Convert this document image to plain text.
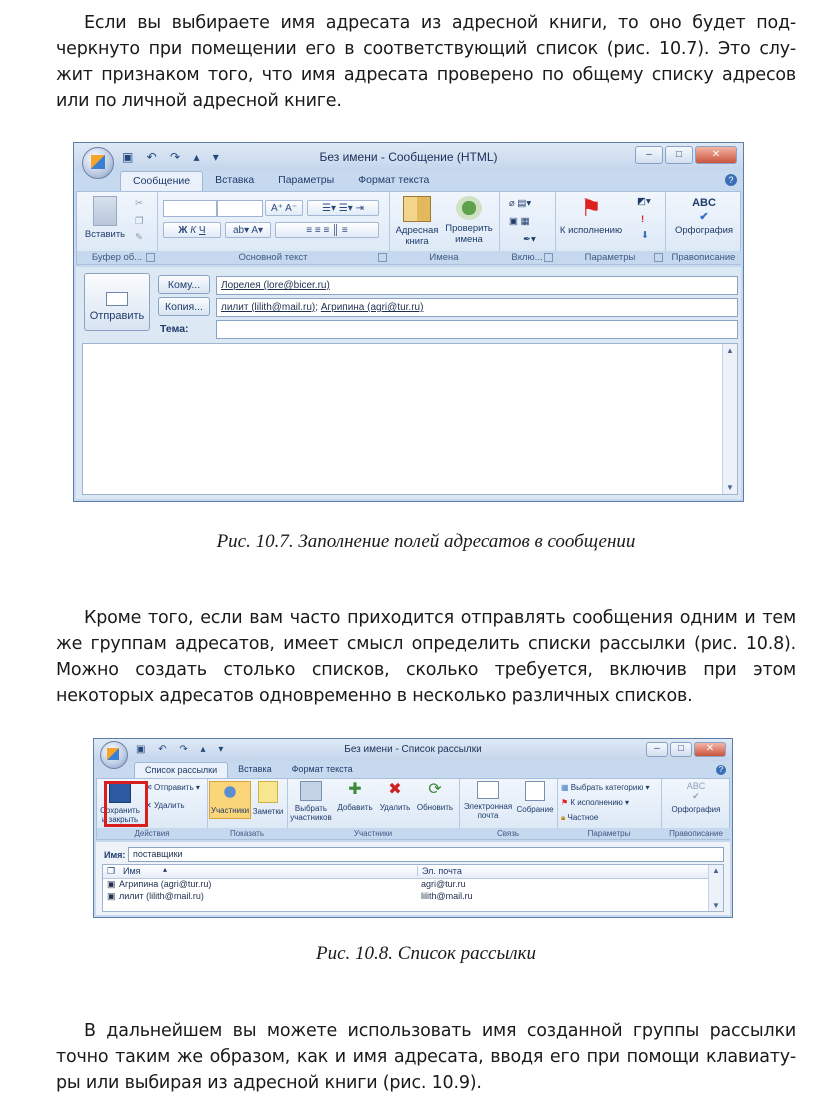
Если вы выбираете имя адресата из адресной книги, то оно будет под-черкнуто при помещении его в соответствующий список (рис. 10.7). Это слу-жит признаком того, что имя адресата проверено по общему списку адресов или по личной адресной книге.

Без имени - Сообщение (HTML)
▣ ↶ ↷ ▴ ▾	–	□	✕
Сообщение	Вставка	Параметры	Формат текста	?
Вставить
✂
❐
✎
Буфер об...
A⁺ A⁻	☰▾ ☰▾ ⇥
Ж К Ч	ab▾ A▾	≡ ≡ ≡ ║ ≡
Основной текст
Адресная книга
Проверить имена
Имена
⌀ ▤▾
▣ ▦
✒▾
Вклю...
⚑
К исполнению
◩▾
!
⬇
Параметры
ABC
✔
Орфография
Правописание
Отправить
Кому...
Копия...
Тема:
Лорелея (lore@bicer.ru)
лилит (lilith@mail.ru); Агрипина (agri@tur.ru)
▲
▼
Рис. 10.7. Заполнение полей адресатов в сообщении

Кроме того, если вам часто приходится отправлять сообщения одним и тем же группам адресатов, имеет смысл определить списки рассылки (рис. 10.8). Можно создать столько списков, сколько требуется, включив при этом некоторых адресатов одновременно в несколько различных списков.

Без имени - Список рассылки
▣ ↶ ↷ ▴ ▾	–	□	✕
Список рассылки	Вставка	Формат текста	?
Сохранить и закрыть
✉ Отправить ▾
✕ Удалить
Действия
Участники Заметки
Показать
Выбрать участников
✚
Добавить
✖
Удалить
⟳
Обновить
Участники
Электронная почта
Собрание
Связь
▦ Выбрать категорию ▾
⚑ К исполнению ▾
🔒︎ Частное
Параметры
ABC
✔
Орфография
Правописание
Имя: поставщики
❐ Имя	▴	Эл. почта
▣ Агрипина (agri@tur.ru)	agri@tur.ru
▣ лилит (lilith@mail.ru)	lilith@mail.ru
▲
▼
Рис. 10.8. Список рассылки

В дальнейшем вы можете использовать имя созданной группы рассылки точно таким же образом, как и имя адресата, вводя его при помощи клавиату-ры или выбирая из адресной книги (рис. 10.9).
